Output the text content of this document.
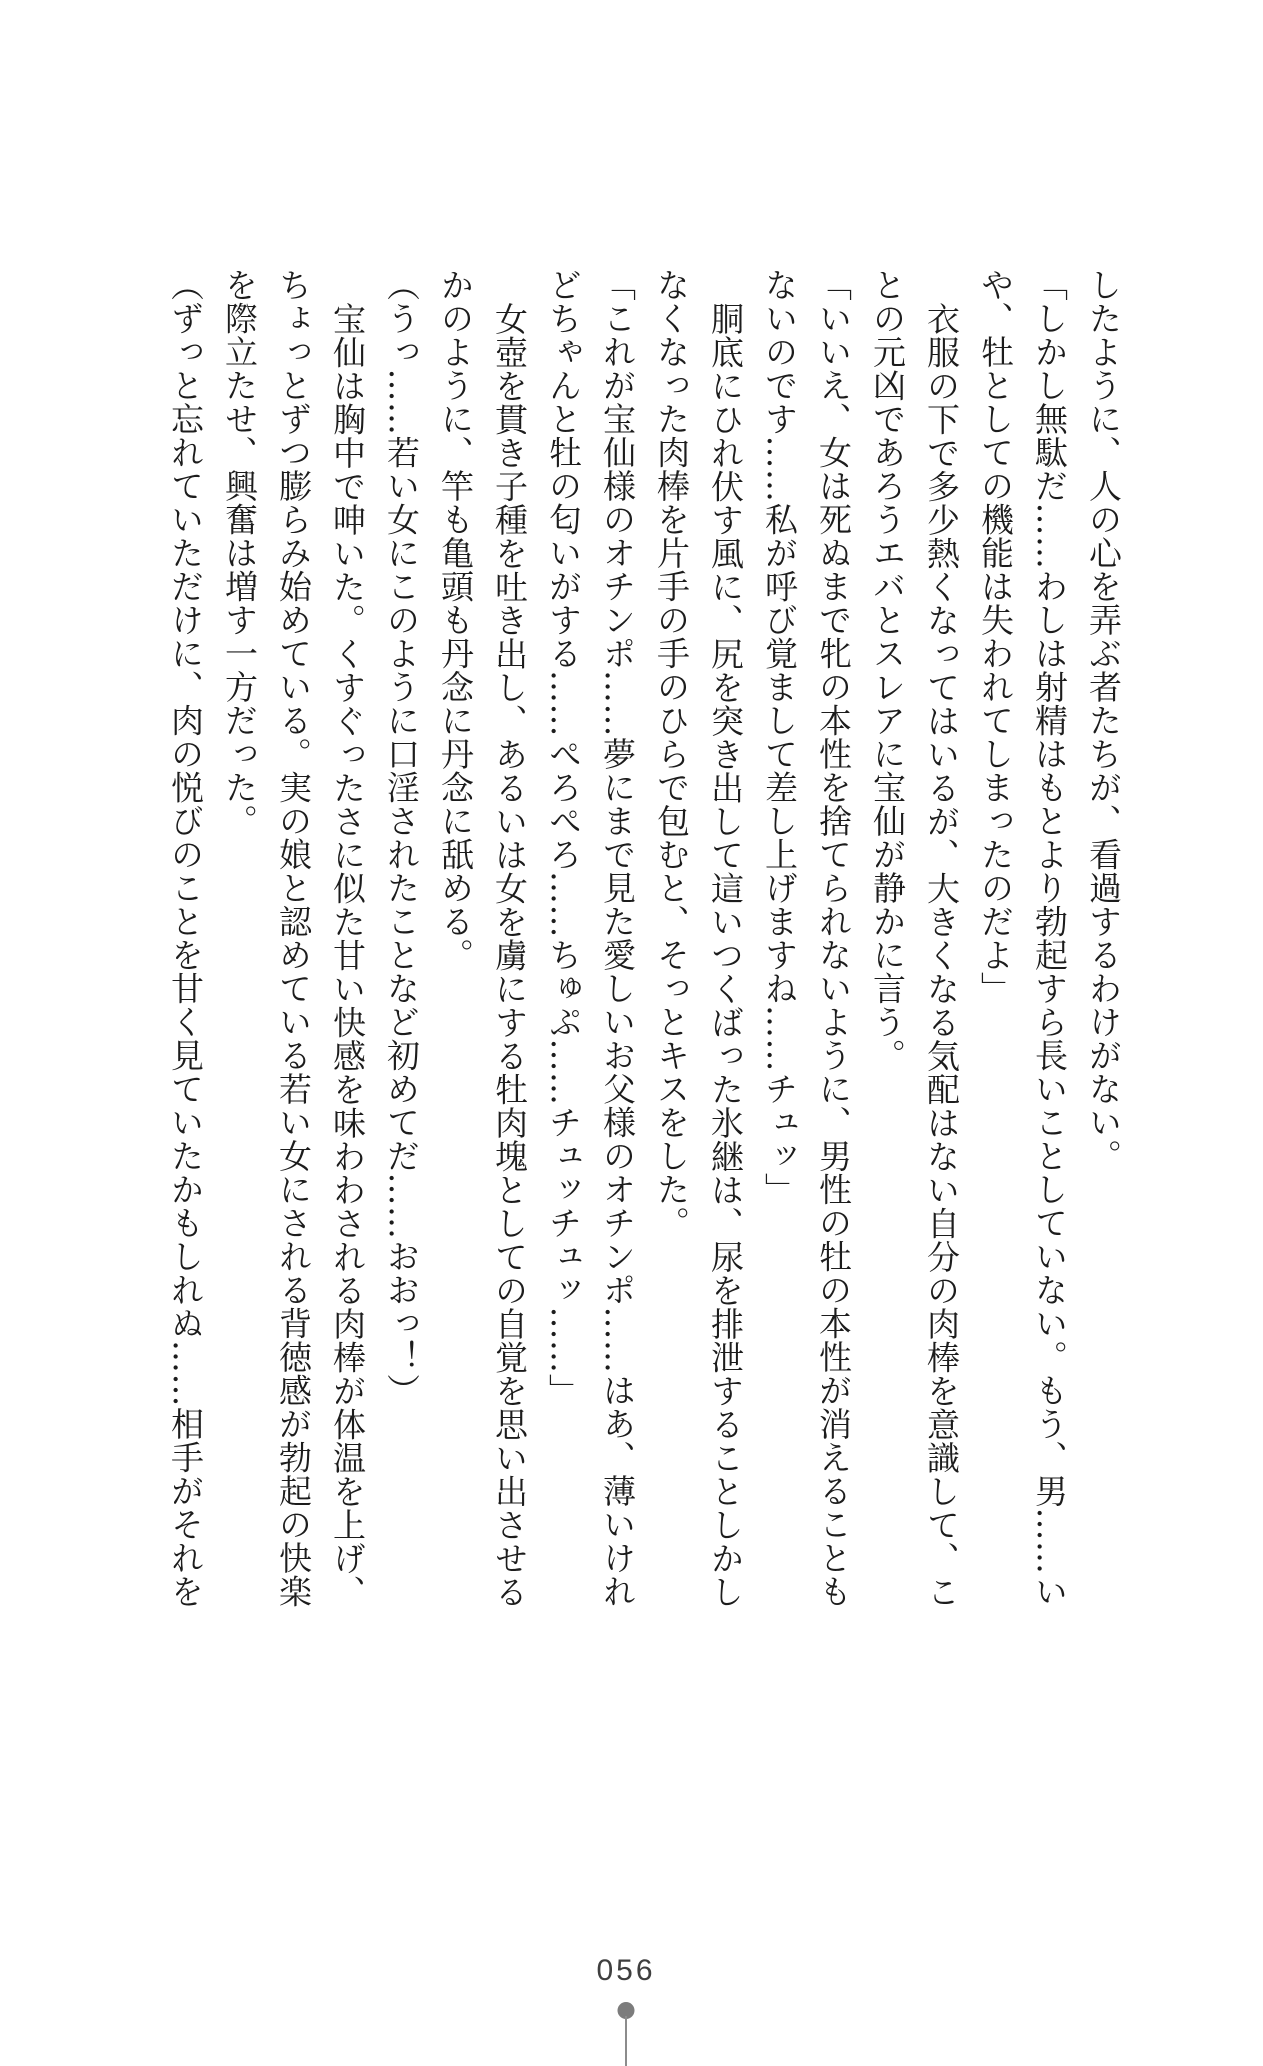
したように、人の心を弄ぶ者たちが、看過するわけがない。

「しかし無駄だ……わしは射精はもとより勃起すら長いことしていない。もう、男……い

や、牡としての機能は失われてしまったのだよ」

衣服の下で多少熱くなってはいるが、大きくなる気配はない自分の肉棒を意識して、こ

との元凶であろうエバとスレアに宝仙が静かに言う。

「いいえ、女は死ぬまで牝の本性を捨てられないように、男性の牡の本性が消えることも

ないのです……私が呼び覚まして差し上げますね……チュッ」

胴底にひれ伏す風に、尻を突き出して這いつくばった氷継は、尿を排泄することしかし

なくなった肉棒を片手の手のひらで包むと、そっとキスをした。

「これが宝仙様のオチンポ……夢にまで見た愛しいお父様のオチンポ……はあ、薄いけれ

どちゃんと牡の匂いがする……ぺろぺろ……ちゅぷ……チュッチュッ……」

女壺を貫き子種を吐き出し、あるいは女を虜にする牡肉塊としての自覚を思い出させる

かのように、竿も亀頭も丹念に丹念に舐める。

（うっ……若い女にこのように口淫されたことなど初めてだ……おおっ！）

宝仙は胸中で呻いた。くすぐったさに似た甘い快感を味わわされる肉棒が体温を上げ、

ちょっとずつ膨らみ始めている。実の娘と認めている若い女にされる背徳感が勃起の快楽

を際立たせ、興奮は増す一方だった。

（ずっと忘れていただけに、肉の悦びのことを甘く見ていたかもしれぬ……相手がそれを

056
